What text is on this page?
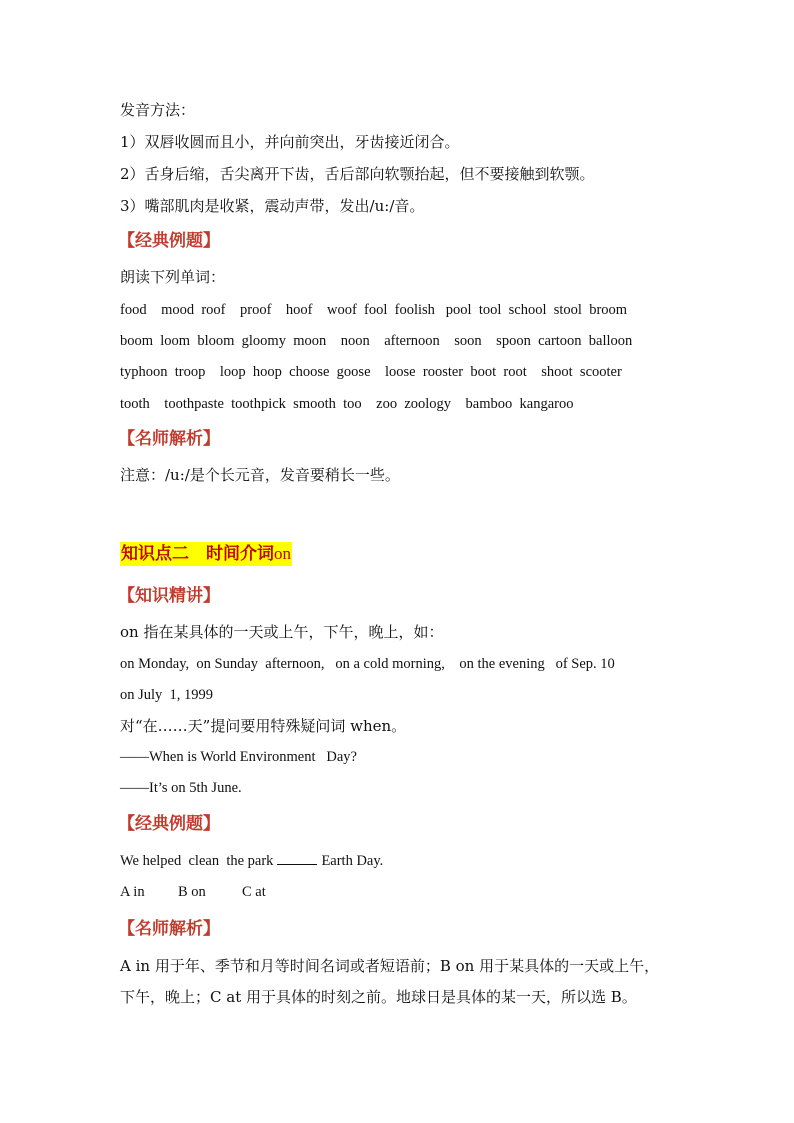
发音方法：
1）双唇收圆而且小，并向前突出，牙齿接近闭合。
2）舌身后缩，舌尖离开下齿，舌后部向软颚抬起，但不要接触到软颚。
3）嘴部肌肉是收紧，震动声带，发出/u:/音。
【经典例题】
朗读下列单词：
food    mood  roof    proof    hoof    woof  fool  foolish   pool  tool  school  stool  broom
boom  loom  bloom  gloomy  moon    noon    afternoon    soon    spoon  cartoon  balloon
typhoon  troop    loop  hoop  choose  goose    loose  rooster  boot  root    shoot  scooter
tooth    toothpaste  toothpick  smooth  too    zoo  zoology    bamboo  kangaroo
【名师解析】
注意：/u:/是个长元音，发音要稍长一些。
知识点二　时间介词on
【知识精讲】
on 指在某具体的一天或上午，下午，晚上，如：
on Monday,  on Sunday  afternoon,   on a cold morning,    on the evening   of Sep. 10
on July  1, 1999
对“在……天”提问要用特殊疑问词 when。
——When is World Environment   Day?
——It’s on 5th June.
【经典例题】
We helped  clean  the park	Earth Day.
A in B on C at
【名师解析】
A in 用于年、季节和月等时间名词或者短语前；B on 用于某具体的一天或上午，
下午，晚上；C at 用于具体的时刻之前。地球日是具体的某一天，所以选 B。
